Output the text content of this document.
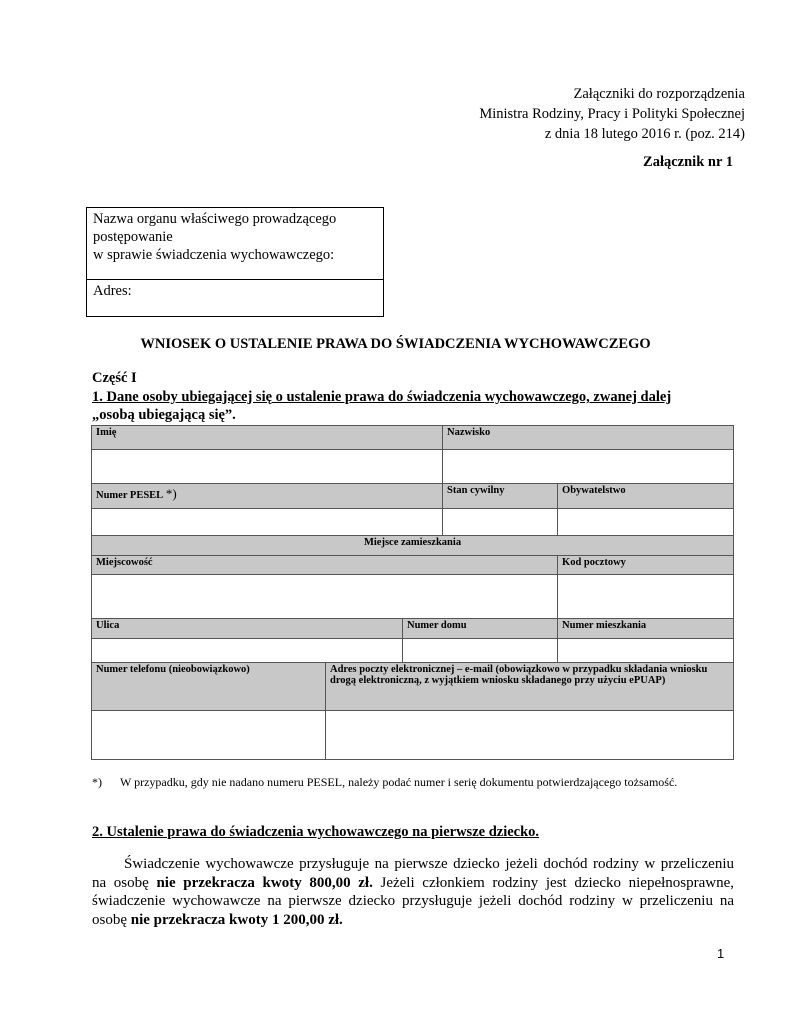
Załączniki do rozporządzenia
Ministra Rodziny, Pracy i Polityki Społecznej
z dnia 18 lutego 2016 r. (poz. 214)
Załącznik nr 1
Nazwa organu właściwego prowadzącego
postępowanie
w sprawie świadczenia wychowawczego:
Adres:
WNIOSEK O USTALENIE PRAWA DO ŚWIADCZENIA WYCHOWAWCZEGO
Część I
1. Dane osoby ubiegającej się o ustalenie prawa do świadczenia wychowawczego, zwanej dalej
„osobą ubiegającą się”.
Imię			Nazwisko	

Numer PESEL *)			Stan cywilny	Obywatelstwo

Miejsce zamieszkania				
Miejscowość				Kod pocztowy

Ulica		Numer domu		Numer mieszkania

Numer telefonu (nieobowiązkowo)	Adres poczty elektronicznej – e-mail (obowiązkowo w przypadku składania wniosku drogą elektroniczną, z wyjątkiem wniosku składanego przy użyciu ePUAP)			

*) W przypadku, gdy nie nadano numeru PESEL, należy podać numer i serię dokumentu potwierdzającego tożsamość.
2. Ustalenie prawa do świadczenia wychowawczego na pierwsze dziecko.

Świadczenie wychowawcze przysługuje na pierwsze dziecko jeżeli dochód rodziny w przeliczeniu na osobę nie przekracza kwoty 800,00 zł. Jeżeli członkiem rodziny jest dziecko niepełnosprawne, świadczenie wychowawcze na pierwsze dziecko przysługuje jeżeli dochód rodziny w przeliczeniu na osobę nie przekracza kwoty 1 200,00 zł.

1
